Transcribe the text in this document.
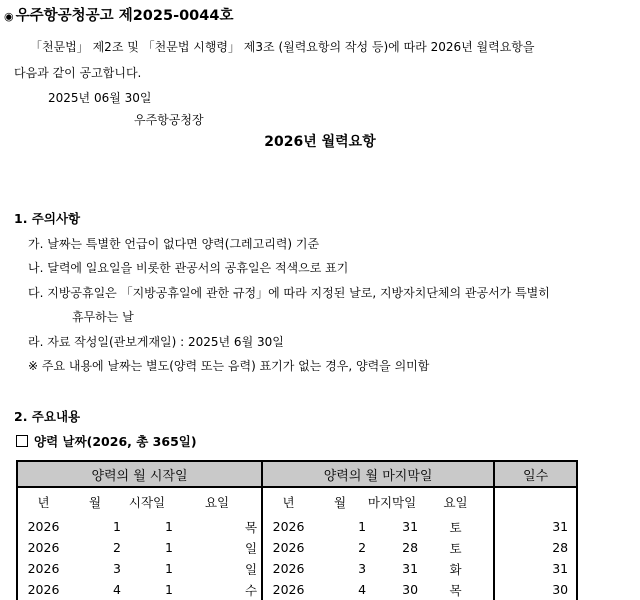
◉ 우주항공청공고 제2025-0044호
「천문법」 제2조 및 「천문법 시행령」 제3조 (월력요항의 작성 등)에 따라 2026년 월력요항을
다음과 같이 공고합니다.
2025년 06월 30일
우주항공청장
2026년 월력요항
1. 주의사항
가. 날짜는 특별한 언급이 없다면 양력(그레고리력) 기준
나. 달력에 일요일을 비롯한 관공서의 공휴일은 적색으로 표기
다. 지방공휴일은 「지방공휴일에 관한 규정」에 따라 지정된 날로, 지방자치단체의 관공서가 특별히
휴무하는 날
라. 자료 작성일(관보게재일) : 2025년 6월 30일
※ 주요 내용에 날짜는 별도(양력 또는 음력) 표기가 없는 경우, 양력을 의미함
2. 주요내용
양력 날짜(2026, 총 365일)
양력의 월 시작일				양력의 월 마지막일				일수
년	월	시작일	요일	년	월	마지막일	요일	
2026	1	1	목	2026	1	31	토	31
2026	2	1	일	2026	2	28	토	28
2026	3	1	일	2026	3	31	화	31
2026	4	1	수	2026	4	30	목	30
